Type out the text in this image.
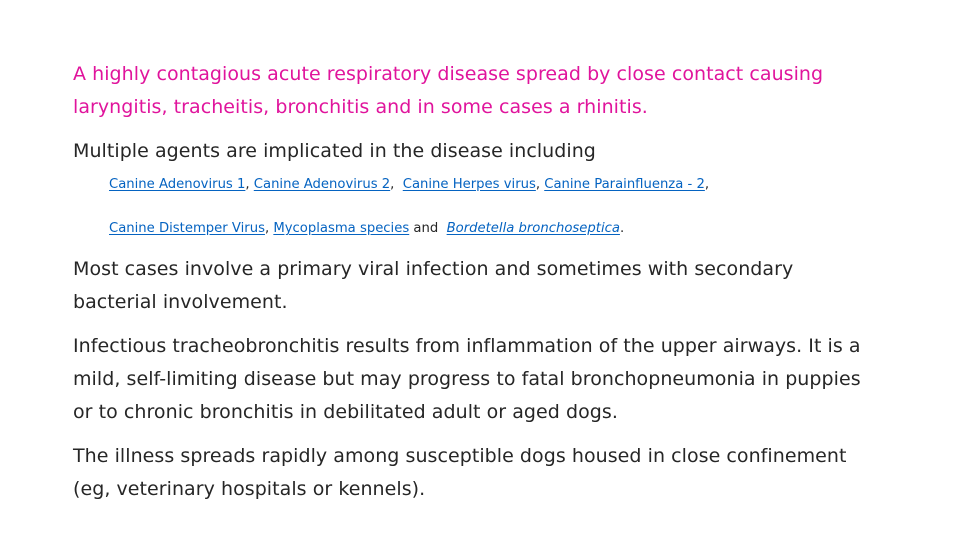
A highly contagious acute respiratory disease spread by close contact causing
laryngitis, tracheitis, bronchitis and in some cases a rhinitis.

Multiple agents are implicated in the disease including

Canine Adenovirus 1, Canine Adenovirus 2,  Canine Herpes virus, Canine Parainfluenza - 2,
Canine Distemper Virus, Mycoplasma species and  Bordetella bronchoseptica.

Most cases involve a primary viral infection and sometimes with secondary
bacterial involvement.

Infectious tracheobronchitis results from inflammation of the upper airways. It is a
mild, self-limiting disease but may progress to fatal bronchopneumonia in puppies
or to chronic bronchitis in debilitated adult or aged dogs.

The illness spreads rapidly among susceptible dogs housed in close confinement
(eg, veterinary hospitals or kennels).
